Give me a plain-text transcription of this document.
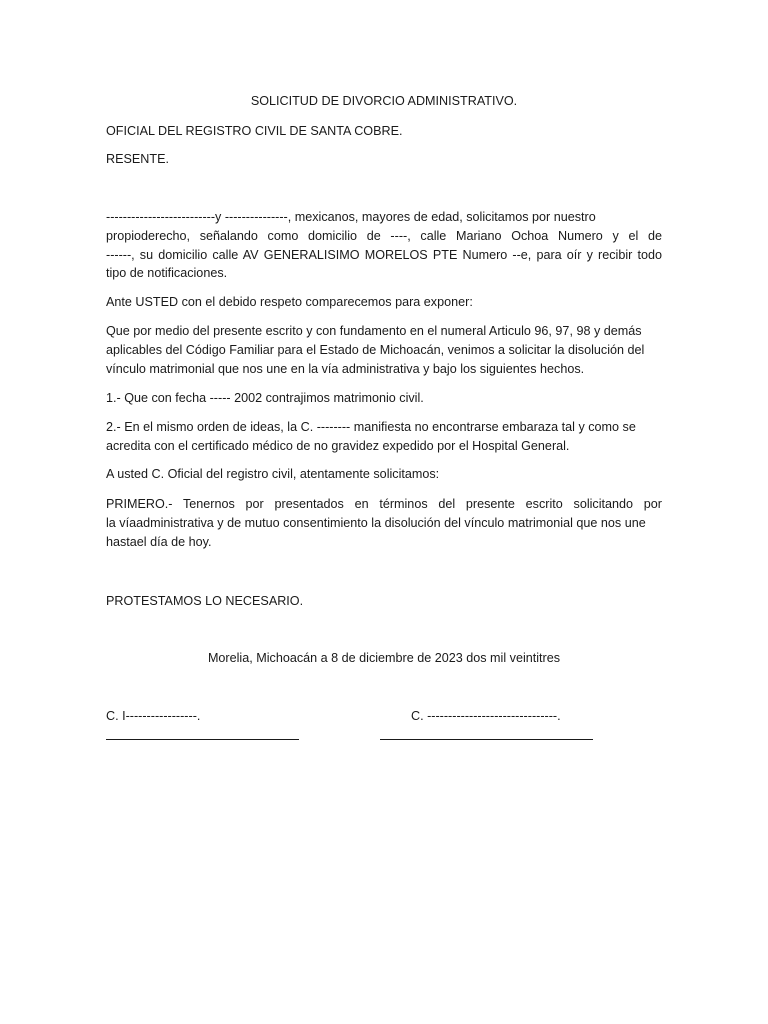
SOLICITUD DE DIVORCIO ADMINISTRATIVO.

OFICIAL DEL REGISTRO CIVIL DE SANTA COBRE.

RESENTE.

--------------------------y ---------------, mexicanos, mayores de edad, solicitamos por nuestro
propioderecho, señalando como domicilio de ----, calle Mariano Ochoa Numero y el de
------, su domicilio calle AV GENERALISIMO MORELOS PTE Numero --e, para oír y recibir todo
tipo de notificaciones.

Ante USTED con el debido respeto comparecemos para exponer:

Que por medio del presente escrito y con fundamento en el numeral Articulo 96, 97, 98 y demás
aplicables del Código Familiar para el Estado de Michoacán, venimos a solicitar la disolución del
vínculo matrimonial que nos une en la vía administrativa y bajo los siguientes hechos.

1.- Que con fecha ----- 2002 contrajimos matrimonio civil.

2.- En el mismo orden de ideas, la C. -------- manifiesta no encontrarse embaraza tal y como se
acredita con el certificado médico de no gravidez expedido por el Hospital General.

A usted C. Oficial del registro civil, atentamente solicitamos:

PRIMERO.- Tenernos por presentados en términos del presente escrito solicitando por
la víaadministrativa y de mutuo consentimiento la disolución del vínculo matrimonial que nos une
hastael día de hoy.

PROTESTAMOS LO NECESARIO.

Morelia, Michoacán a 8 de diciembre de 2023 dos mil veintitres

C. I-----------------.	C. -------------------------------.
